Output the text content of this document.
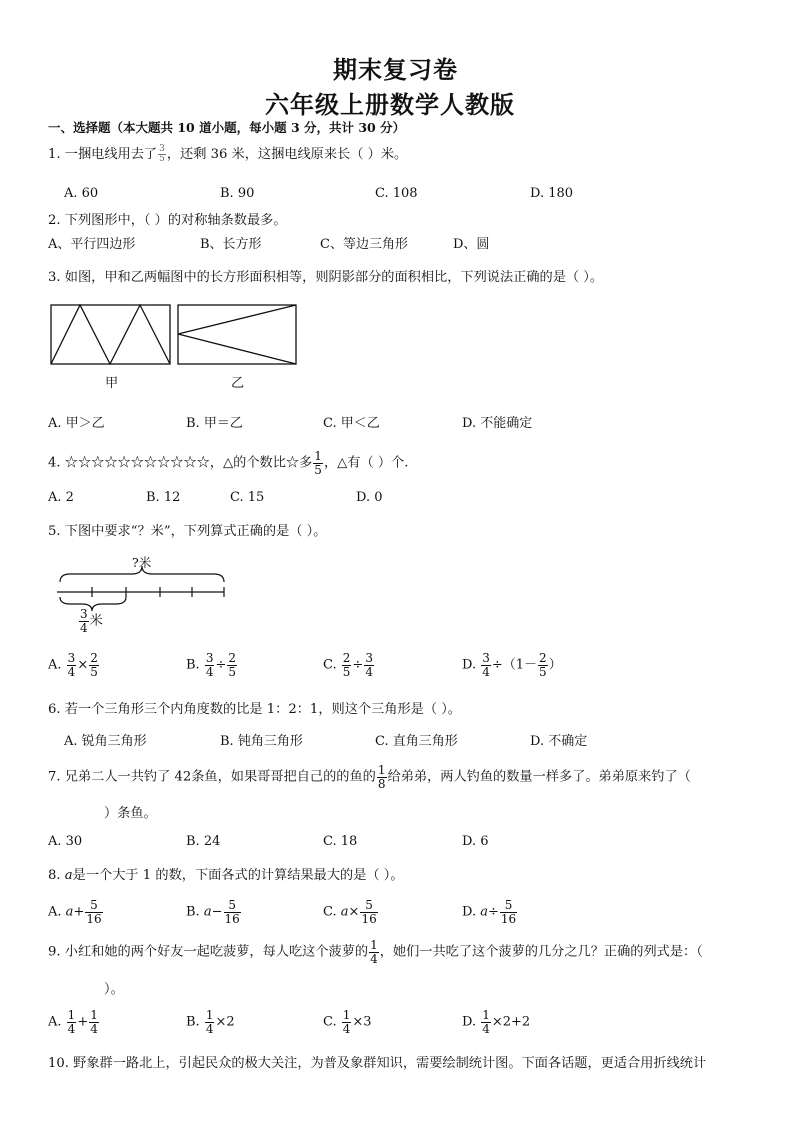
期末复习卷
六年级上册数学人教版
一、选择题（本大题共 10 道小题，每小题 3 分，共计 30 分）
1. 一捆电线用去了 $\frac{3}{5}$ ，还剩 36 米，这捆电线原来长（ ）米。
A. 60	B. 90	C. 108	D. 180
2. 下列图形中，（ ）的对称轴条数最多。
A、平行四边形	B、长方形	C、等边三角形	D、圆
3. 如图，甲和乙两幅图中的长方形面积相等，则阴影部分的面积相比，下列说法正确的是（ ）。
甲	乙
A. 甲＞乙	B. 甲＝乙	C. 甲＜乙	D. 不能确定
4. ☆☆☆☆☆☆☆☆☆☆☆，△的个数比☆多 $\frac{1}{5}$ ，△有（ ）个.
A. 2	B. 12	C. 15	D. 0
5. 下图中要求“？米”，下列算式正确的是（ ）。
?米
$\frac{3}{4}$ 米
A. $\frac{3}{4} \times \frac{2}{5}$	B. $\frac{3}{4} \div \frac{2}{5}$	C. $\frac{2}{5} \div \frac{3}{4}$	D. $\frac{3}{4} \div(1- \frac{2}{5}$ ）
6. 若一个三角形三个内角度数的比是 1：2：1，则这个三角形是（ ）。
A. 锐角三角形	B. 钝角三角形	C. 直角三角形	D. 不确定
7. 兄弟二人一共钓了 42条鱼，如果哥哥把自己的的鱼的 $\frac{1}{8}$ 给弟弟，两人钓鱼的数量一样多了。弟弟原来钓了（
）条鱼。
A. 30	B. 24	C. 18	D. 6
8. a是一个大于 1 的数，下面各式的计算结果最大的是（ ）。
A. $a+ \frac{5}{16}$	B. $a- \frac{5}{16}$	C. $a\times \frac{5}{16}$	D. $a\div \frac{5}{16}$
9. 小红和她的两个好友一起吃菠萝，每人吃这个菠萝的 $\frac{1}{4}$ ，她们一共吃了这个菠萝的几分之几？正确的列式是：（
）。
A. $\frac{1}{4} + \frac{1}{4}$	B. $\frac{1}{4} \times 2$	C. $\frac{1}{4} \times 3$	D. $\frac{1}{4} \times 2+2$
10. 野象群一路北上，引起民众的极大关注，为普及象群知识，需要绘制统计图。下面各话题，更适合用折线统计
